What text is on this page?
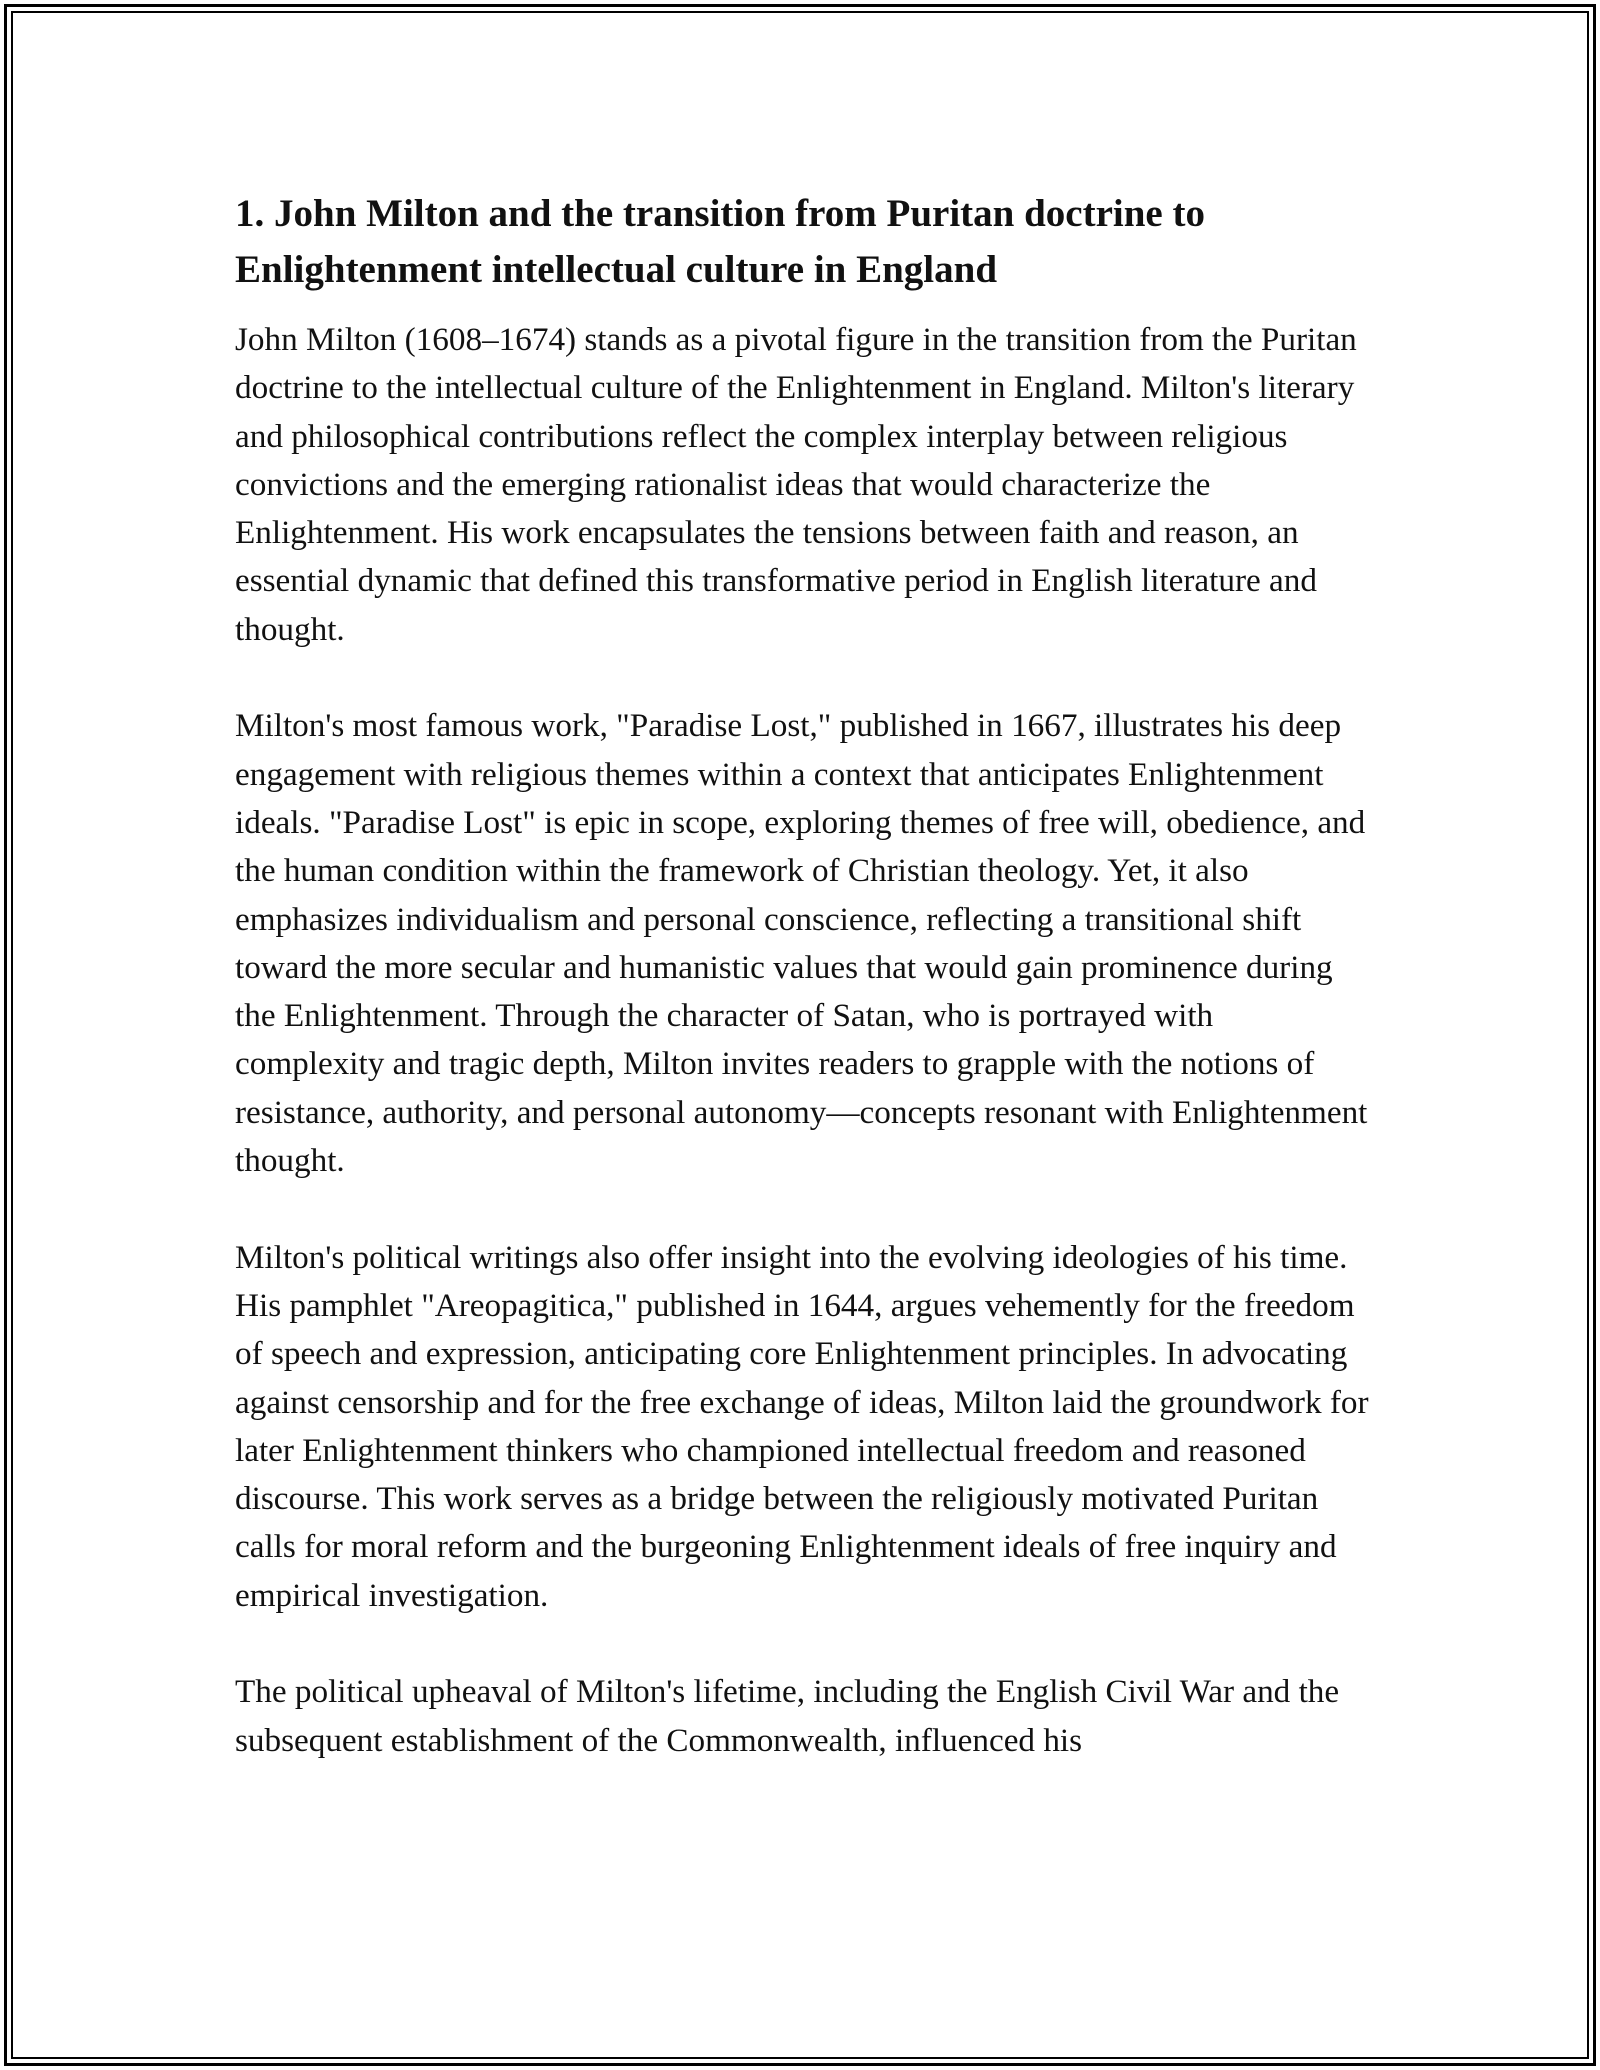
1. John Milton and the transition from Puritan doctrine to Enlightenment intellectual culture in England

John Milton (1608–1674) stands as a pivotal figure in the transition from the Puritan doctrine to the intellectual culture of the Enlightenment in England. Milton's literary and philosophical contributions reflect the complex interplay between religious convictions and the emerging rationalist ideas that would characterize the Enlightenment. His work encapsulates the tensions between faith and reason, an essential dynamic that defined this transformative period in English literature and thought.

Milton's most famous work, "Paradise Lost," published in 1667, illustrates his deep engagement with religious themes within a context that anticipates Enlightenment ideals. "Paradise Lost" is epic in scope, exploring themes of free will, obedience, and the human condition within the framework of Christian theology. Yet, it also emphasizes individualism and personal conscience, reflecting a transitional shift toward the more secular and humanistic values that would gain prominence during the Enlightenment. Through the character of Satan, who is portrayed with complexity and tragic depth, Milton invites readers to grapple with the notions of resistance, authority, and personal autonomy—concepts resonant with Enlightenment thought.

Milton's political writings also offer insight into the evolving ideologies of his time. His pamphlet "Areopagitica," published in 1644, argues vehemently for the freedom of speech and expression, anticipating core Enlightenment principles. In advocating against censorship and for the free exchange of ideas, Milton laid the groundwork for later Enlightenment thinkers who championed intellectual freedom and reasoned discourse. This work serves as a bridge between the religiously motivated Puritan calls for moral reform and the burgeoning Enlightenment ideals of free inquiry and empirical investigation.

The political upheaval of Milton's lifetime, including the English Civil War and the subsequent establishment of the Commonwealth, influenced his
